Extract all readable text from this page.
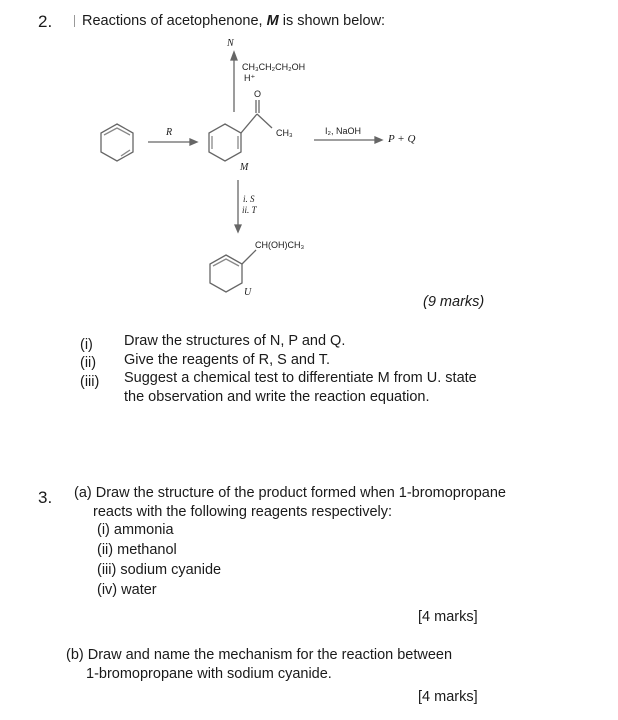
2. Reactions of acetophenone, M is shown below:
N
CH₃CH₂CH₂OH
H⁺
O
R	CH₃
M
I₂, NaOH
P + Q
i. S
ii. T
CH(OH)CH₃
U
(9 marks)
(i) Draw the structures of N, P and Q.
(ii) Give the reagents of R, S and T.
(iii) Suggest a chemical test to differentiate M from U. state
the observation and write the reaction equation.
3. (a) Draw the structure of the product formed when 1-bromopropane
reacts with the following reagents respectively:
(i) ammonia
(ii) methanol
(iii) sodium cyanide
(iv) water
[4 marks]
(b) Draw and name the mechanism for the reaction between
1-bromopropane with sodium cyanide.
[4 marks]
